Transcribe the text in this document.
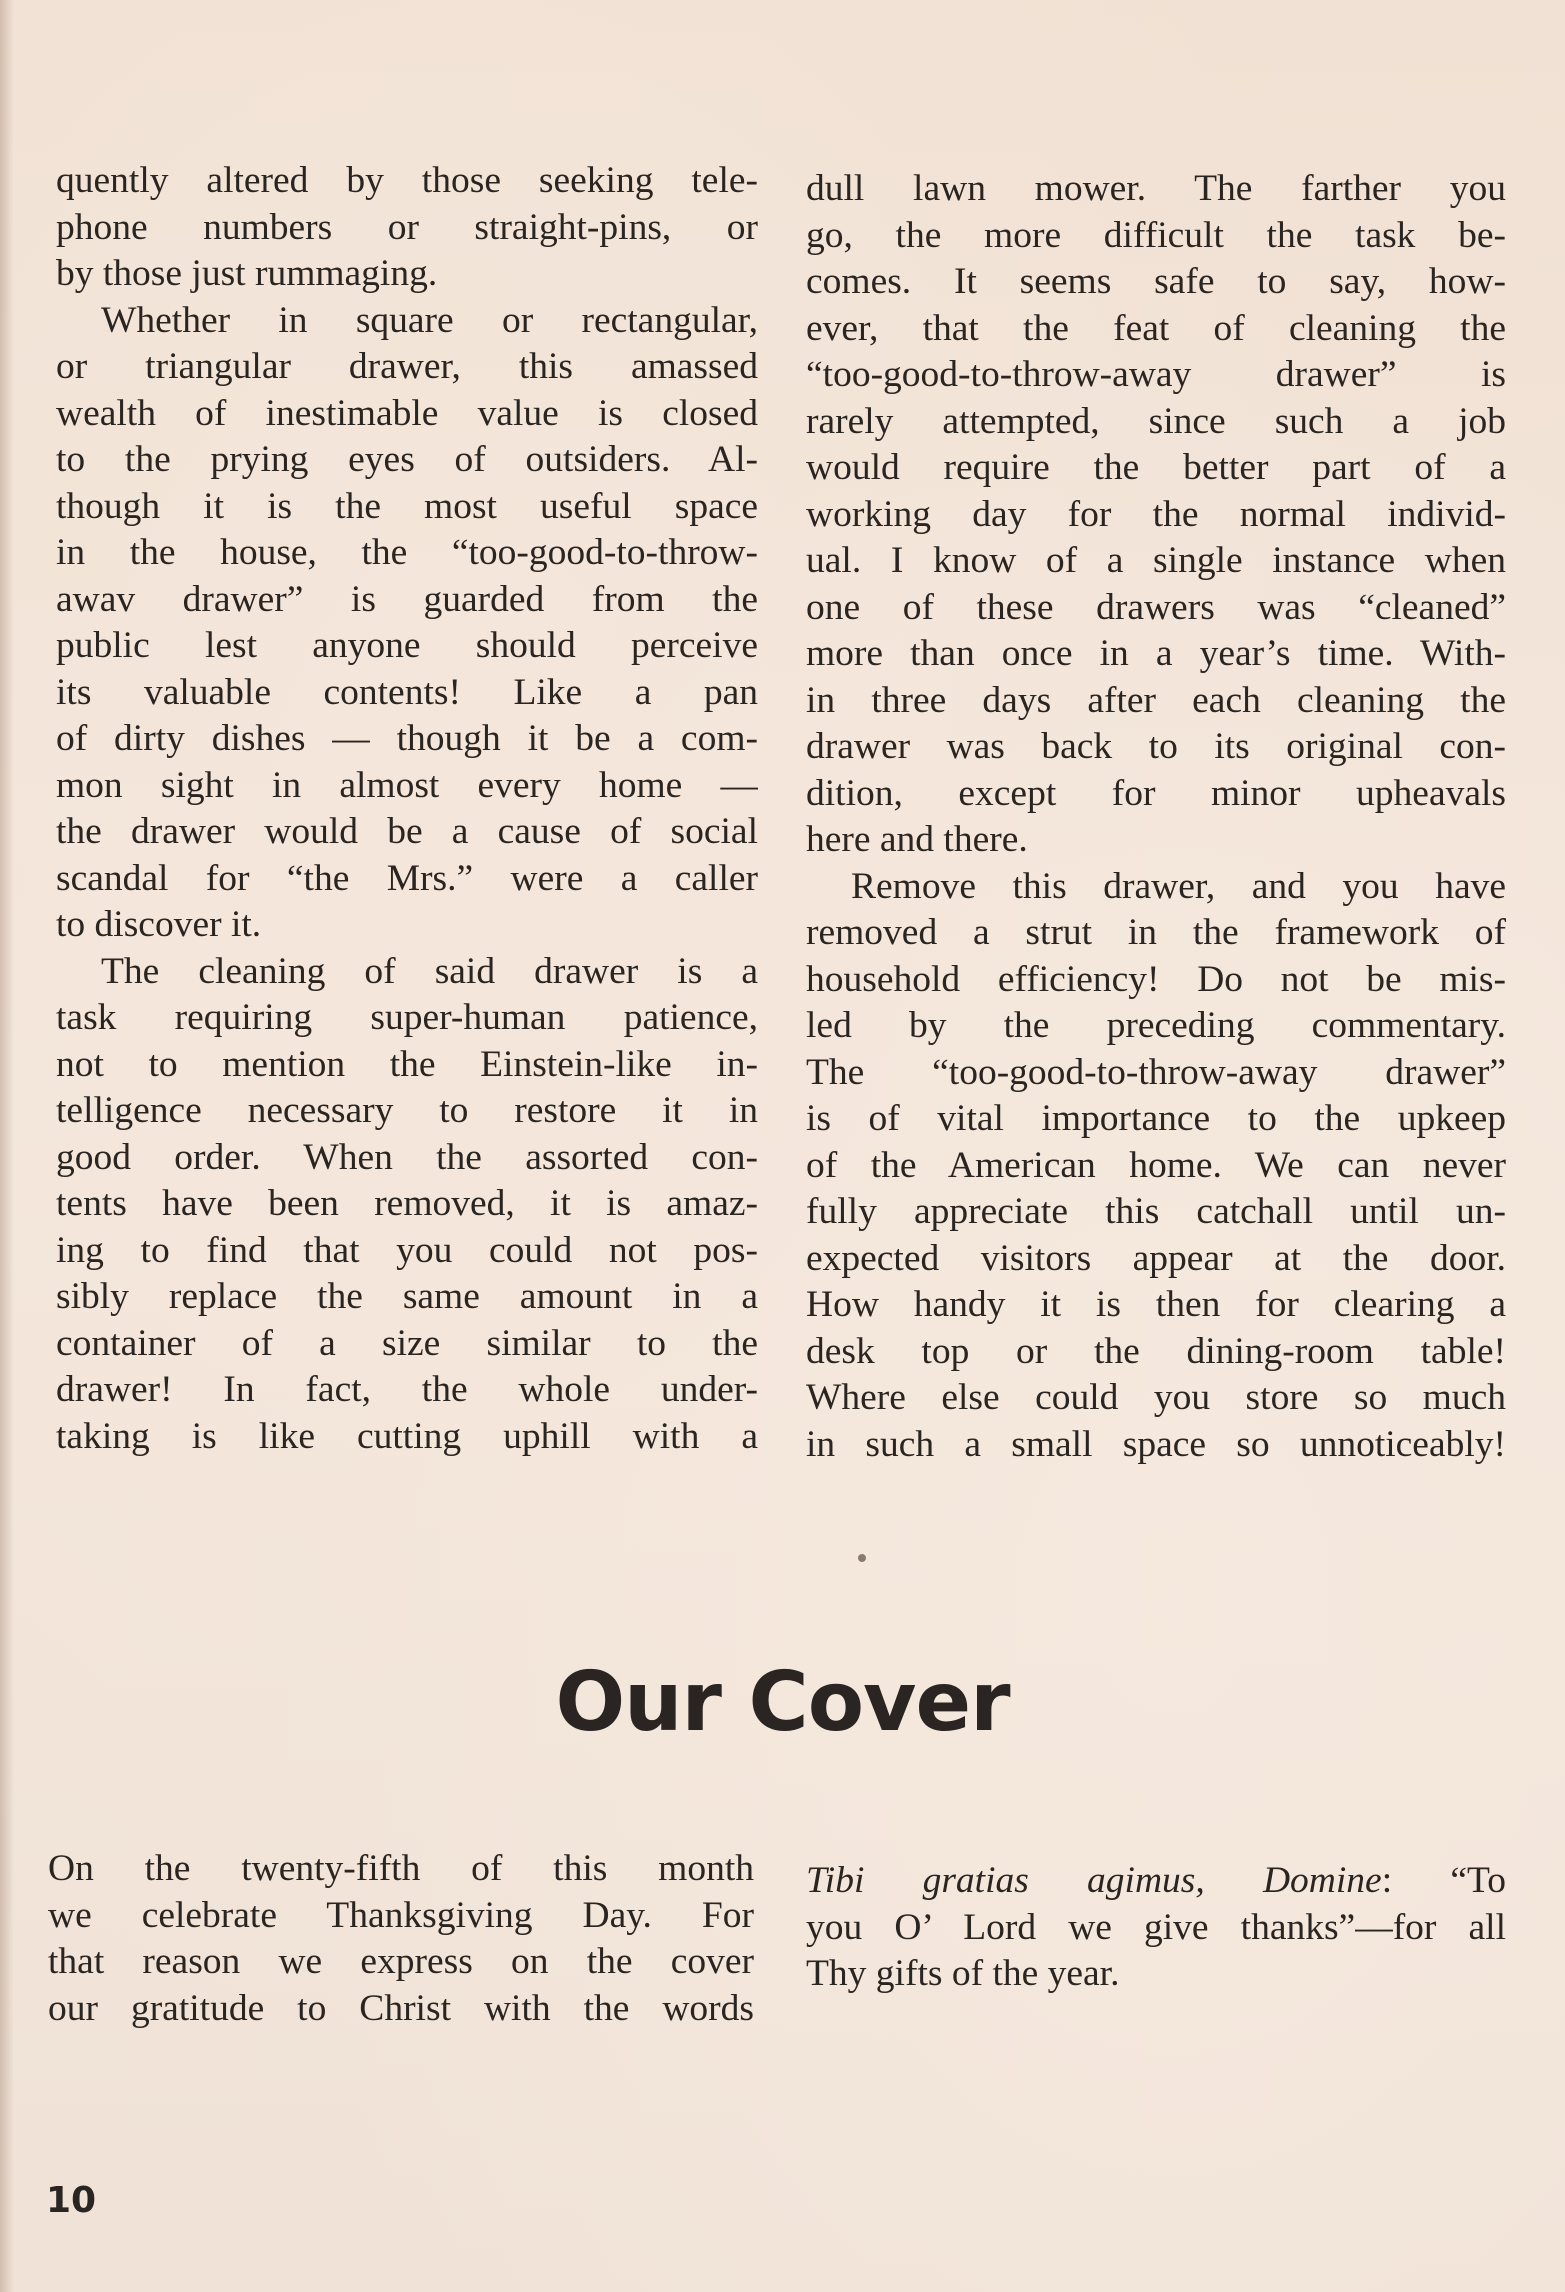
quently altered by those seeking tele-
phone numbers or straight-pins, or
by those just rummaging.
Whether in square or rectangular,
or triangular drawer, this amassed
wealth of inestimable value is closed
to the prying eyes of outsiders. Al-
though it is the most useful space
in the house, the “too-good-to-throw-
awav drawer” is guarded from the
public lest anyone should perceive
its valuable contents! Like a pan
of dirty dishes — though it be a com-
mon sight in almost every home —
the drawer would be a cause of social
scandal for “the Mrs.” were a caller
to discover it.
The cleaning of said drawer is a
task requiring super-human patience,
not to mention the Einstein-like in-
telligence necessary to restore it in
good order. When the assorted con-
tents have been removed, it is amaz-
ing to find that you could not pos-
sibly replace the same amount in a
container of a size similar to the
drawer! In fact, the whole under-
taking is like cutting uphill with a
dull lawn mower. The farther you
go, the more difficult the task be-
comes. It seems safe to say, how-
ever, that the feat of cleaning the
“too-good-to-throw-away drawer” is
rarely attempted, since such a job
would require the better part of a
working day for the normal individ-
ual. I know of a single instance when
one of these drawers was “cleaned”
more than once in a year’s time. With-
in three days after each cleaning the
drawer was back to its original con-
dition, except for minor upheavals
here and there.
Remove this drawer, and you have
removed a strut in the framework of
household efficiency! Do not be mis-
led by the preceding commentary.
The “too-good-to-throw-away drawer”
is of vital importance to the upkeep
of the American home. We can never
fully appreciate this catchall until un-
expected visitors appear at the door.
How handy it is then for clearing a
desk top or the dining-room table!
Where else could you store so much
in such a small space so unnoticeably!
Our Cover
On the twenty-fifth of this month
we celebrate Thanksgiving Day. For
that reason we express on the cover
our gratitude to Christ with the words
Tibi gratias agimus, Domine: “To
you O’ Lord we give thanks”—for all
Thy gifts of the year.
10
